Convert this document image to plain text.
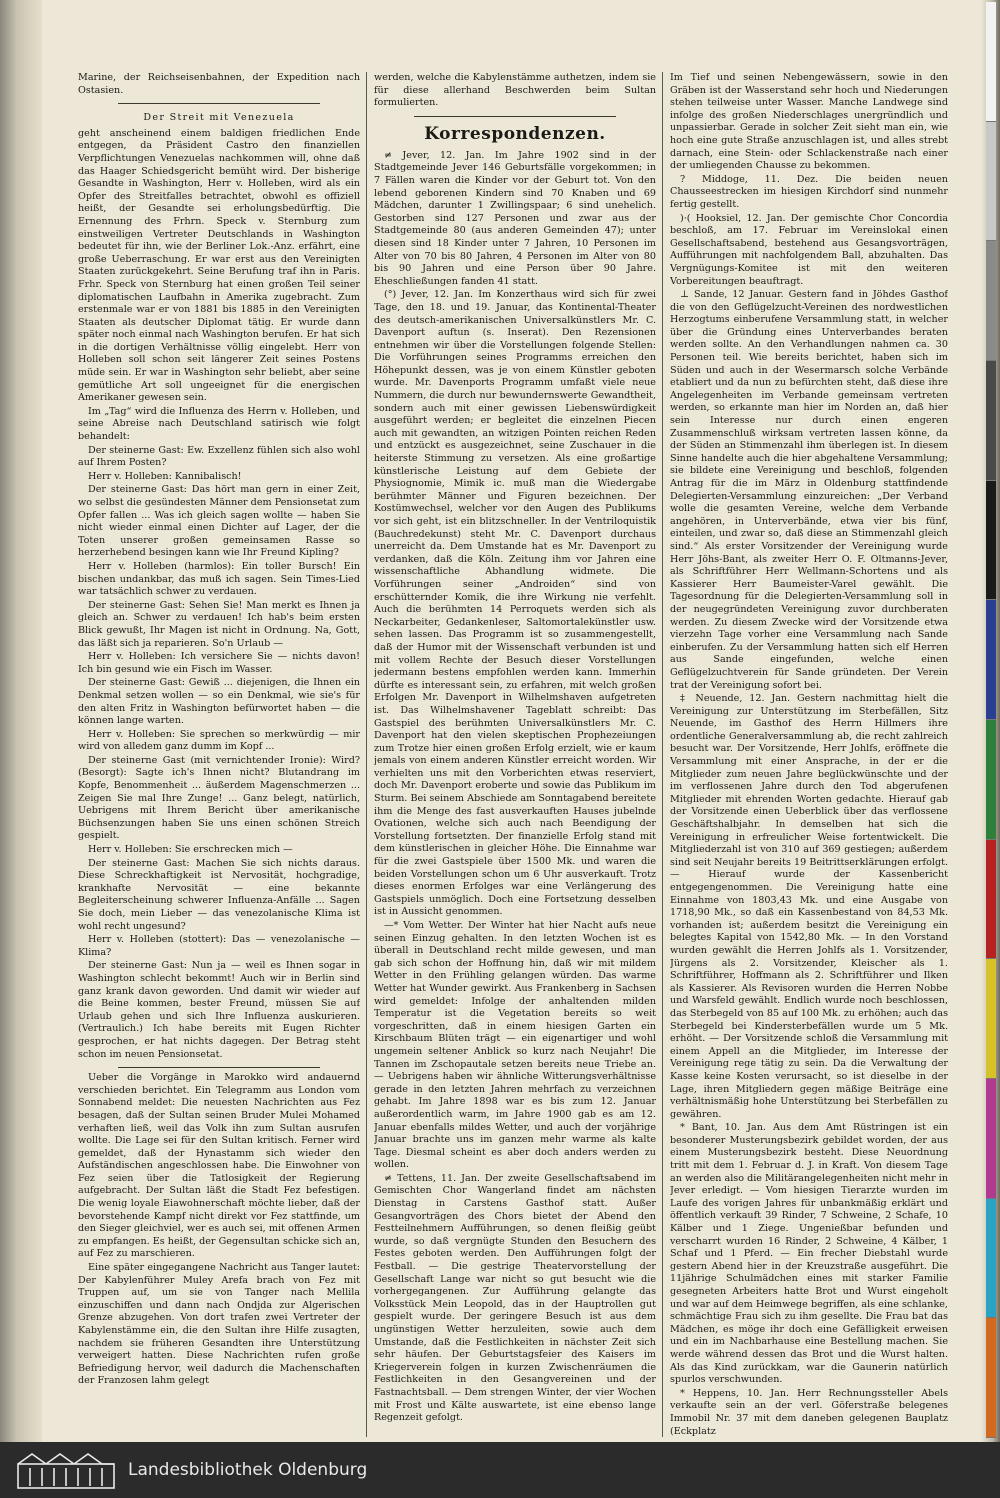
Marine, der Reichseisenbahnen, der Expedition nach Ostasien.

Der Streit mit Venezuela

geht anscheinend einem baldigen friedlichen Ende entgegen, da Präsident Castro den finanziellen Verpflichtungen Venezuelas nachkommen will, ohne daß das Haager Schiedsgericht bemüht wird. Der bisherige Gesandte in Washington, Herr v. Holleben, wird als ein Opfer des Streitfalles betrachtet, obwohl es offiziell heißt, der Gesandte sei erholungsbedürftig. Die Ernennung des Frhrn. Speck v. Sternburg zum einstweiligen Vertreter Deutschlands in Washington bedeutet für ihn, wie der Berliner Lok.-Anz. erfährt, eine große Ueberraschung. Er war erst aus den Vereinigten Staaten zurückgekehrt. Seine Berufung traf ihn in Paris. Frhr. Speck von Sternburg hat einen großen Teil seiner diplomatischen Laufbahn in Amerika zugebracht. Zum erstenmale war er von 1881 bis 1885 in den Vereinigten Staaten als deutscher Diplomat tätig. Er wurde dann später noch einmal nach Washington berufen. Er hat sich in die dortigen Verhältnisse völlig eingelebt. Herr von Holleben soll schon seit längerer Zeit seines Postens müde sein. Er war in Washington sehr beliebt, aber seine gemütliche Art soll ungeeignet für die energischen Amerikaner gewesen sein.

Im „Tag“ wird die Influenza des Herrn v. Holleben, und seine Abreise nach Deutschland satirisch wie folgt behandelt:

Der steinerne Gast: Ew. Exzellenz fühlen sich also wohl auf Ihrem Posten?

Herr v. Holleben: Kannibalisch!

Der steinerne Gast: Das hört man gern in einer Zeit, wo selbst die gesündesten Männer dem Pensionsetat zum Opfer fallen ... Was ich gleich sagen wollte — haben Sie nicht wieder einmal einen Dichter auf Lager, der die Toten unserer großen gemeinsamen Rasse so herzerhebend besingen kann wie Ihr Freund Kipling?

Herr v. Holleben (harmlos): Ein toller Bursch! Ein bischen undankbar, das muß ich sagen. Sein Times-Lied war tatsächlich schwer zu verdauen.

Der steinerne Gast: Sehen Sie! Man merkt es Ihnen ja gleich an. Schwer zu verdauen! Ich hab's beim ersten Blick gewußt, Ihr Magen ist nicht in Ordnung. Na, Gott, das läßt sich ja reparieren. So'n Urlaub —

Herr v. Holleben: Ich versichere Sie — nichts davon! Ich bin gesund wie ein Fisch im Wasser.

Der steinerne Gast: Gewiß ... diejenigen, die Ihnen ein Denkmal setzen wollen — so ein Denkmal, wie sie's für den alten Fritz in Washington befürwortet haben — die können lange warten.

Herr v. Holleben: Sie sprechen so merkwürdig — mir wird von alledem ganz dumm im Kopf ...

Der steinerne Gast (mit vernichtender Ironie): Wird? (Besorgt): Sagte ich's Ihnen nicht? Blutandrang im Kopfe, Benommenheit ... äußerdem Magenschmerzen ... Zeigen Sie mal Ihre Zunge! ... Ganz belegt, natürlich, Uebrigens mit Ihrem Bericht über amerikanische Büchsenzungen haben Sie uns einen schönen Streich gespielt.

Herr v. Holleben: Sie erschrecken mich —

Der steinerne Gast: Machen Sie sich nichts daraus. Diese Schreckhaftigkeit ist Nervosität, hochgradige, krankhafte Nervosität — eine bekannte Begleiterscheinung schwerer Influenza-Anfälle ... Sagen Sie doch, mein Lieber — das venezolanische Klima ist wohl recht ungesund?

Herr v. Holleben (stottert): Das — venezolanische — Klima?

Der steinerne Gast: Nun ja — weil es Ihnen sogar in Washington schlecht bekommt! Auch wir in Berlin sind ganz krank davon geworden. Und damit wir wieder auf die Beine kommen, bester Freund, müssen Sie auf Urlaub gehen und sich Ihre Influenza auskurieren. (Vertraulich.) Ich habe bereits mit Eugen Richter gesprochen, er hat nichts dagegen. Der Betrag steht schon im neuen Pensionsetat.

Ueber die Vorgänge in Marokko wird andauernd verschieden berichtet. Ein Telegramm aus London vom Sonnabend meldet: Die neuesten Nachrichten aus Fez besagen, daß der Sultan seinen Bruder Mulei Mohamed verhaften ließ, weil das Volk ihn zum Sultan ausrufen wollte. Die Lage sei für den Sultan kritisch. Ferner wird gemeldet, daß der Hynastamm sich wieder den Aufständischen angeschlossen habe. Die Einwohner von Fez seien über die Tatlosigkeit der Regierung aufgebracht. Der Sultan läßt die Stadt Fez befestigen. Die wenig loyale Eiawohnerschaft möchte lieber, daß der bevorstehende Kampf nicht direkt vor Fez stattfinde, um den Sieger gleichviel, wer es auch sei, mit offenen Armen zu empfangen. Es heißt, der Gegensultan schicke sich an, auf Fez zu marschieren.

Eine später eingegangene Nachricht aus Tanger lautet: Der Kabylenführer Muley Arefa brach von Fez mit Truppen auf, um sie von Tanger nach Mellila einzuschiffen und dann nach Ondjda zur Algerischen Grenze abzugehen. Von dort trafen zwei Vertreter der Kabylenstämme ein, die den Sultan ihre Hilfe zusagten, nachdem sie früheren Gesandten ihre Unterstützung verweigert hatten. Diese Nachrichten rufen große Befriedigung hervor, weil dadurch die Machenschaften der Franzosen lahm gelegt

werden, welche die Kabylenstämme authetzen, indem sie für diese allerhand Beschwerden beim Sultan formulierten.

Korrespondenzen.

≠ Jever, 12. Jan. Im Jahre 1902 sind in der Stadtgemeinde Jever 146 Geburtsfälle vorgekommen; in 7 Fällen waren die Kinder vor der Geburt tot. Von den lebend geborenen Kindern sind 70 Knaben und 69 Mädchen, darunter 1 Zwillingspaar; 6 sind unehelich. Gestorben sind 127 Personen und zwar aus der Stadtgemeinde 80 (aus anderen Gemeinden 47); unter diesen sind 18 Kinder unter 7 Jahren, 10 Personen im Alter von 70 bis 80 Jahren, 4 Personen im Alter von 80 bis 90 Jahren und eine Person über 90 Jahre. Eheschließungen fanden 41 statt.

(°) Jever, 12. Jan. Im Konzerthaus wird sich für zwei Tage, den 18. und 19. Januar, das Kontinental-Theater des deutsch-amerikanischen Universalkünstlers Mr. C. Davenport auftun (s. Inserat). Den Rezensionen entnehmen wir über die Vorstellungen folgende Stellen: Die Vorführungen seines Programms erreichen den Höhepunkt dessen, was je von einem Künstler geboten wurde. Mr. Davenports Programm umfaßt viele neue Nummern, die durch nur bewundernswerte Gewandtheit, sondern auch mit einer gewissen Liebenswürdigkeit ausgeführt werden; er begleitet die einzelnen Piecen auch mit gewandten, an witzigen Pointen reichen Reden und entzückt es ausgezeichnet, seine Zuschauer in die heiterste Stimmung zu versetzen. Als eine großartige künstlerische Leistung auf dem Gebiete der Physiognomie, Mimik ic. muß man die Wiedergabe berühmter Männer und Figuren bezeichnen. Der Kostümwechsel, welcher vor den Augen des Publikums vor sich geht, ist ein blitzschneller. In der Ventriloquistik (Bauchredekunst) steht Mr. C. Davenport durchaus unerreicht da. Dem Umstande hat es Mr. Davenport zu verdanken, daß die Köln. Zeitung ihm vor Jahren eine wissenschaftliche Abhandlung widmete. Die Vorführungen seiner „Androiden“ sind von erschütternder Komik, die ihre Wirkung nie verfehlt. Auch die berühmten 14 Perroquets werden sich als Neckarbeiter, Gedankenleser, Saltomortalekünstler usw. sehen lassen. Das Programm ist so zusammengestellt, daß der Humor mit der Wissenschaft verbunden ist und mit vollem Rechte der Besuch dieser Vorstellungen jedermann bestens empfohlen werden kann. Immerhin dürfte es interessant sein, zu erfahren, mit welch großen Erfolgen Mr. Davenport in Wilhelmshaven aufgetreten ist. Das Wilhelmshavener Tageblatt schreibt: Das Gastspiel des berühmten Universalkünstlers Mr. C. Davenport hat den vielen skeptischen Prophezeiungen zum Trotze hier einen großen Erfolg erzielt, wie er kaum jemals von einem anderen Künstler erreicht worden. Wir verhielten uns mit den Vorberichten etwas reserviert, doch Mr. Davenport eroberte und sowie das Publikum im Sturm. Bei seinem Abschiede am Sonntagabend bereitete ihm die Menge des fast ausverkauften Hauses jubelnde Ovationen, welche sich auch nach Beendigung der Vorstellung fortsetzten. Der finanzielle Erfolg stand mit dem künstlerischen in gleicher Höhe. Die Einnahme war für die zwei Gastspiele über 1500 Mk. und waren die beiden Vorstellungen schon um 6 Uhr ausverkauft. Trotz dieses enormen Erfolges war eine Verlängerung des Gastspiels unmöglich. Doch eine Fortsetzung desselben ist in Aussicht genommen.

—* Vom Wetter. Der Winter hat hier Nacht aufs neue seinen Einzug gehalten. In den letzten Wochen ist es überall in Deutschland recht milde gewesen, und man gab sich schon der Hoffnung hin, daß wir mit mildem Wetter in den Frühling gelangen würden. Das warme Wetter hat Wunder gewirkt. Aus Frankenberg in Sachsen wird gemeldet: Infolge der anhaltenden milden Temperatur ist die Vegetation bereits so weit vorgeschritten, daß in einem hiesigen Garten ein Kirschbaum Blüten trägt — ein eigenartiger und wohl ungemein seltener Anblick so kurz nach Neujahr! Die Tannen im Zschopautale setzen bereits neue Triebe an. — Uebrigens haben wir ähnliche Witterungsverhältnisse gerade in den letzten Jahren mehrfach zu verzeichnen gehabt. Im Jahre 1898 war es bis zum 12. Januar außerordentlich warm, im Jahre 1900 gab es am 12. Januar ebenfalls mildes Wetter, und auch der vorjährige Januar brachte uns im ganzen mehr warme als kalte Tage. Diesmal scheint es aber doch anders werden zu wollen.

≠ Tettens, 11. Jan. Der zweite Gesellschaftsabend im Gemischten Chor Wangerland findet am nächsten Dienstag in Carstens Gasthof statt. Außer Gesangvorträgen des Chors bietet der Abend den Festteilnehmern Aufführungen, so denen fleißig geübt wurde, so daß vergnügte Stunden den Besuchern des Festes geboten werden. Den Aufführungen folgt der Festball. — Die gestrige Theatervorstellung der Gesellschaft Lange war nicht so gut besucht wie die vorhergegangenen. Zur Aufführung gelangte das Volksstück Mein Leopold, das in der Hauptrollen gut gespielt wurde. Der geringere Besuch ist aus dem ungünstigen Wetter herzuleiten, sowie auch dem Umstande, daß die Festlichkeiten in nächster Zeit sich sehr häufen. Der Geburtstagsfeier des Kaisers im Kriegerverein folgen in kurzen Zwischenräumen die Festlichkeiten in den Gesangvereinen und der Fastnachtsball. — Dem strengen Winter, der vier Wochen mit Frost und Kälte auswartete, ist eine ebenso lange Regenzeit gefolgt.

Im Tief und seinen Nebengewässern, sowie in den Gräben ist der Wasserstand sehr hoch und Niederungen stehen teilweise unter Wasser. Manche Landwege sind infolge des großen Niederschlages unergründlich und unpassierbar. Gerade in solcher Zeit sieht man ein, wie hoch eine gute Straße anzuschlagen ist, und alles strebt darnach, eine Stein- oder Schlackenstraße nach einer der umliegenden Chausse zu bekommen.

? Middoge, 11. Dez. Die beiden neuen Chausseestrecken im hiesigen Kirchdorf sind nunmehr fertig gestellt.

)·( Hooksiel, 12. Jan. Der gemischte Chor Concordia beschloß, am 17. Februar im Vereinslokal einen Gesellschaftsabend, bestehend aus Gesangsvorträgen, Aufführungen mit nachfolgendem Ball, abzuhalten. Das Vergnügungs-Komitee ist mit den weiteren Vorbereitungen beauftragt.

⊥ Sande, 12 Januar. Gestern fand in Jöhdes Gasthof die von den Geflügelzucht-Vereinen des nordwestlichen Herzogtums einberufene Versammlung statt, in welcher über die Gründung eines Unterverbandes beraten werden sollte. An den Verhandlungen nahmen ca. 30 Personen teil. Wie bereits berichtet, haben sich im Süden und auch in der Wesermarsch solche Verbände etabliert und da nun zu befürchten steht, daß diese ihre Angelegenheiten im Verbande gemeinsam vertreten werden, so erkannte man hier im Norden an, daß hier sein Interesse nur durch einen engeren Zusammenschluß wirksam vertreten lassen könne, da der Süden an Stimmenzahl ihm überlegen ist. In diesem Sinne handelte auch die hier abgehaltene Versammlung; sie bildete eine Vereinigung und beschloß, folgenden Antrag für die im März in Oldenburg stattfindende Delegierten-Versammlung einzureichen: „Der Verband wolle die gesamten Vereine, welche dem Verbande angehören, in Unterverbände, etwa vier bis fünf, einteilen, und zwar so, daß diese an Stimmenzahl gleich sind.“ Als erster Vorsitzender der Vereinigung wurde Herr Jöhs-Bant, als zweiter Herr O. F. Oltmanns-Jever, als Schriftführer Herr Wellmann-Schortens und als Kassierer Herr Baumeister-Varel gewählt. Die Tagesordnung für die Delegierten-Versammlung soll in der neugegründeten Vereinigung zuvor durchberaten werden. Zu diesem Zwecke wird der Vorsitzende etwa vierzehn Tage vorher eine Versammlung nach Sande einberufen. Zu der Versammlung hatten sich elf Herren aus Sande eingefunden, welche einen Geflügelzuchtverein für Sande gründeten. Der Verein trat der Vereinigung sofort bei.

‡ Neuende, 12. Jan. Gestern nachmittag hielt die Vereinigung zur Unterstützung im Sterbefällen, Sitz Neuende, im Gasthof des Herrn Hillmers ihre ordentliche Generalversammlung ab, die recht zahlreich besucht war. Der Vorsitzende, Herr Johlfs, eröffnete die Versammlung mit einer Ansprache, in der er die Mitglieder zum neuen Jahre beglückwünschte und der im verflossenen Jahre durch den Tod abgerufenen Mitglieder mit ehrenden Worten gedachte. Hierauf gab der Vorsitzende einen Ueberblick über das verflossene Geschäftshalbjahr. In demselben hat sich die Vereinigung in erfreulicher Weise fortentwickelt. Die Mitgliederzahl ist von 310 auf 369 gestiegen; außerdem sind seit Neujahr bereits 19 Beitrittserklärungen erfolgt. — Hierauf wurde der Kassenbericht entgegengenommen. Die Vereinigung hatte eine Einnahme von 1803,43 Mk. und eine Ausgabe von 1718,90 Mk., so daß ein Kassenbestand von 84,53 Mk. vorhanden ist; außerdem besitzt die Vereinigung ein belegtes Kapital von 1542,80 Mk. — In den Vorstand wurden gewählt die Herren Johlfs als 1. Vorsitzender, Jürgens als 2. Vorsitzender, Kleischer als 1. Schriftführer, Hoffmann als 2. Schriftführer und Ilken als Kassierer. Als Revisoren wurden die Herren Nobbe und Warsfeld gewählt. Endlich wurde noch beschlossen, das Sterbegeld von 85 auf 100 Mk. zu erhöhen; auch das Sterbegeld bei Kindersterbefällen wurde um 5 Mk. erhöht. — Der Vorsitzende schloß die Versammlung mit einem Appell an die Mitglieder, im Interesse der Vereinigung rege tätig zu sein. Da die Verwaltung der Kasse keine Kosten verursacht, so ist dieselbe in der Lage, ihren Mitgliedern gegen mäßige Beiträge eine verhältnismäßig hohe Unterstützung bei Sterbefällen zu gewähren.

* Bant, 10. Jan. Aus dem Amt Rüstringen ist ein besonderer Musterungsbezirk gebildet worden, der aus einem Musterungsbezirk besteht. Diese Neuordnung tritt mit dem 1. Februar d. J. in Kraft. Von diesem Tage an werden also die Militärangelegenheiten nicht mehr in Jever erledigt. — Vom hiesigen Tierarzte wurden im Laufe des vorigen Jahres für unbankmäßig erklärt und öffentlich verkauft 39 Rinder, 7 Schweine, 2 Schafe, 10 Kälber und 1 Ziege. Ungenießbar befunden und verscharrt wurden 16 Rinder, 2 Schweine, 4 Kälber, 1 Schaf und 1 Pferd. — Ein frecher Diebstahl wurde gestern Abend hier in der Kreuzstraße ausgeführt. Die 11jährige Schulmädchen eines mit starker Familie gesegneten Arbeiters hatte Brot und Wurst eingeholt und war auf dem Heimwege begriffen, als eine schlanke, schmächtige Frau sich zu ihm gesellte. Die Frau bat das Mädchen, es möge ihr doch eine Gefälligkeit erweisen und ein im Nachbarhause eine Bestellung machen. Sie werde während dessen das Brot und die Wurst halten. Als das Kind zurückkam, war die Gaunerin natürlich spurlos verschwunden.

* Heppens, 10. Jan. Herr Rechnungssteller Abels verkaufte sein an der verl. Göferstraße belegenes Immobil Nr. 37 mit dem daneben gelegenen Bauplatz (Eckplatz

Landesbibliothek Oldenburg
